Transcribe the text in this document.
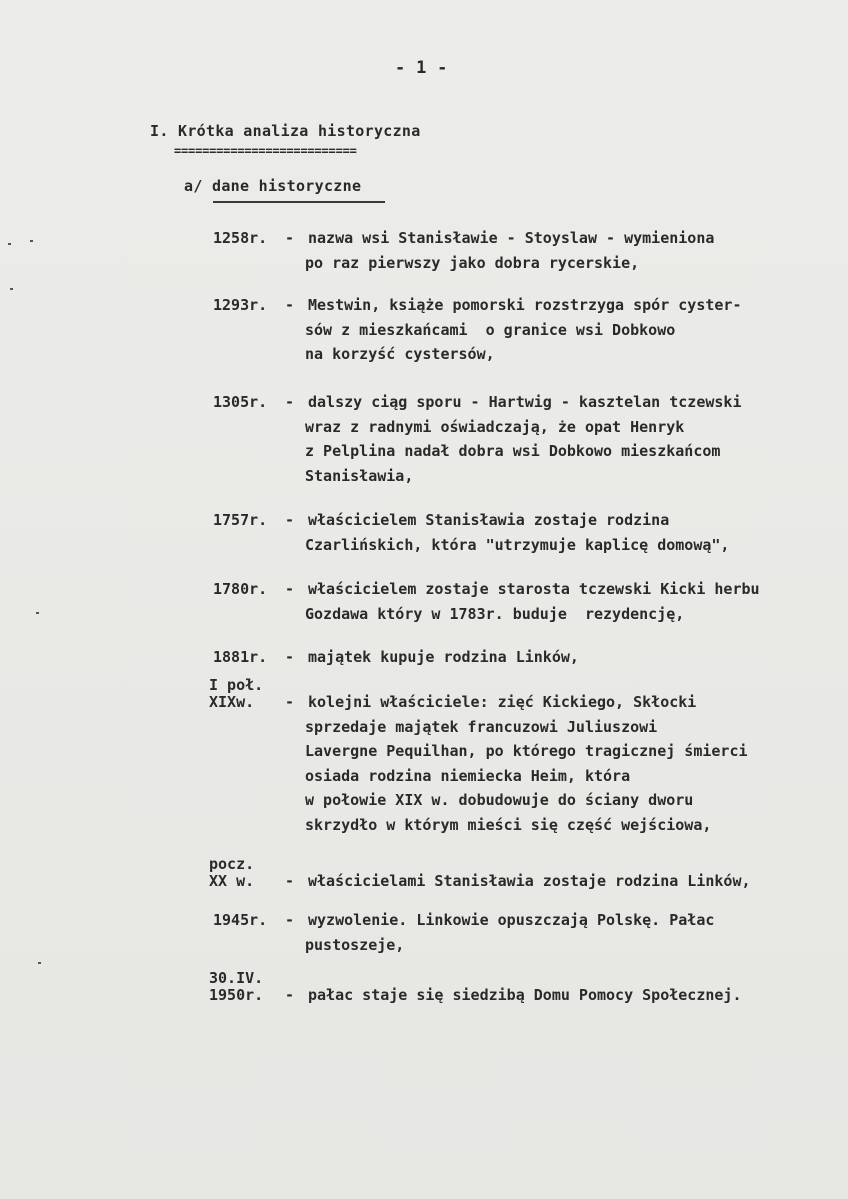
- 1 -
I. Krótka analiza historyczna
==========================
a/ dane historyczne
1258r. - nazwa wsi Stanisławie - Stoyslaw - wymieniona
po raz pierwszy jako dobra rycerskie,
1293r. - Mestwin, książe pomorski rozstrzyga spór cyster-
sów z mieszkańcami  o granice wsi Dobkowo
na korzyść cystersów,
1305r. - dalszy ciąg sporu - Hartwig - kasztelan tczewski
wraz z radnymi oświadczają, że opat Henryk
z Pelplina nadał dobra wsi Dobkowo mieszkańcom
Stanisławia,
1757r. - właścicielem Stanisławia zostaje rodzina
Czarlińskich, która "utrzymuje kaplicę domową",
1780r. - właścicielem zostaje starosta tczewski Kicki herbu
Gozdawa który w 1783r. buduje  rezydencję,
1881r. - majątek kupuje rodzina Linków,
I poł.
XIXw. - kolejni właściciele: zięć Kickiego, Skłocki
sprzedaje majątek francuzowi Juliuszowi
Lavergne Pequilhan, po którego tragicznej śmierci
osiada rodzina niemiecka Heim, która
w połowie XIX w. dobudowuje do ściany dworu
skrzydło w którym mieści się część wejściowa,
pocz.
XX w. - właścicielami Stanisławia zostaje rodzina Linków,
1945r. - wyzwolenie. Linkowie opuszczają Polskę. Pałac
pustoszeje,
30.IV.
1950r. - pałac staje się siedzibą Domu Pomocy Społecznej.
